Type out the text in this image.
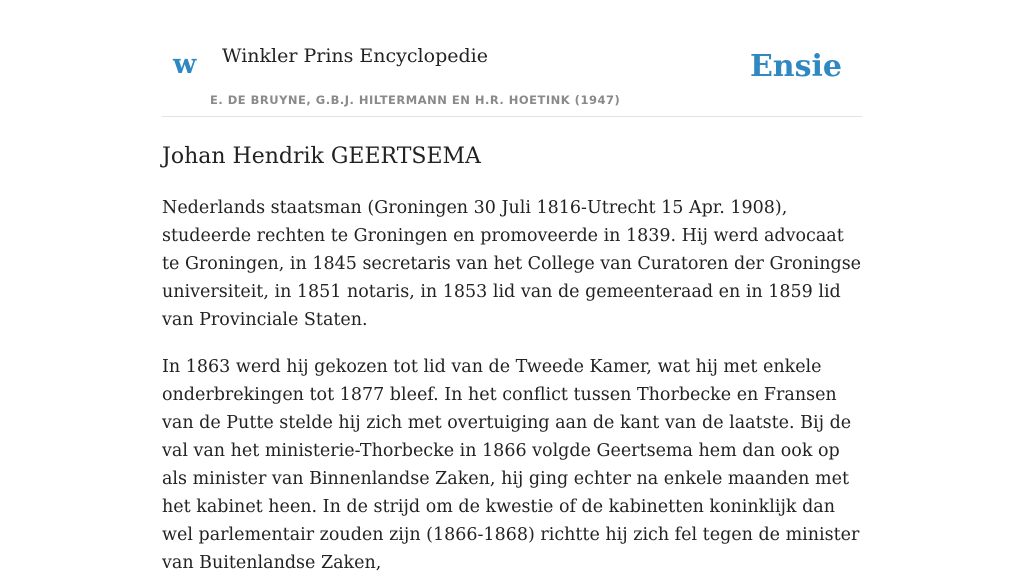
w Winkler Prins Encyclopedie
E. DE BRUYNE, G.B.J. HILTERMANN EN H.R. HOETINK (1947)
Ensie
Johan Hendrik GEERTSEMA

Nederlands staatsman (Groningen 30 Juli 1816-Utrecht 15 Apr. 1908), studeerde rechten te Groningen en promoveerde in 1839. Hij werd advocaat te Groningen, in 1845 secretaris van het College van Curatoren der Groningse universiteit, in 1851 notaris, in 1853 lid van de gemeenteraad en in 1859 lid van Provinciale Staten.

In 1863 werd hij gekozen tot lid van de Tweede Kamer, wat hij met enkele onderbrekingen tot 1877 bleef. In het conflict tussen Thorbecke en Fransen van de Putte stelde hij zich met overtuiging aan de kant van de laatste. Bij de val van het ministerie-Thorbecke in 1866 volgde Geertsema hem dan ook op als minister van Binnenlandse Zaken, hij ging echter na enkele maanden met het kabinet heen. In de strijd om de kwestie of de kabinetten koninklijk dan wel parlementair zouden zijn (1866-1868) richtte hij zich fel tegen de minister van Buitenlandse Zaken,
